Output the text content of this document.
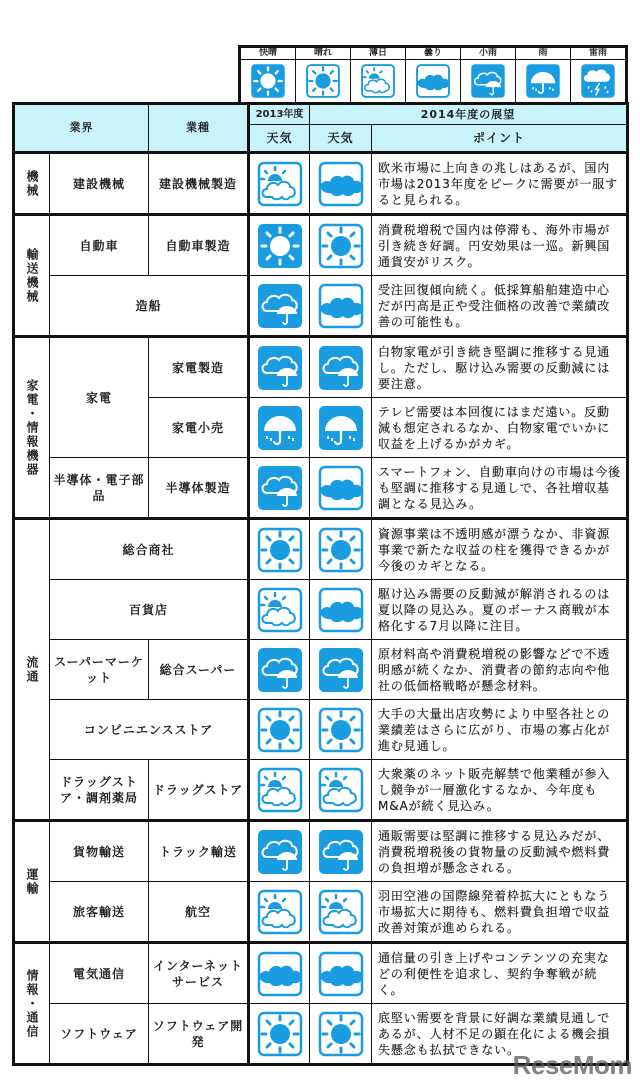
快晴	晴れ	薄日	曇り	小雨	雨	雷雨

業界		業種	2013年度	2014年度の展望	
			天気	天気	ポイント
機械	建設機械	建設機械製造			欧米市場に上向きの兆しはあるが、国内市場は2013年度をピークに需要が一服すると見られる。
輸送機械	自動車	自動車製造			消費税増税で国内は停滞も、海外市場が引き続き好調。円安効果は一巡。新興国通貨安がリスク。
	造船				受注回復傾向続く。低採算船舶建造中心だが円高是正や受注価格の改善で業績改善の可能性も。
家電・情報機器	家電	家電製造			白物家電が引き続き堅調に推移する見通し。ただし、駆け込み需要の反動減には要注意。
		家電小売			テレビ需要は本回復にはまだ遠い。反動減も想定されるなか、白物家電でいかに収益を上げるかがカギ。
	半導体・電子部品	半導体製造			スマートフォン、自動車向けの市場は今後も堅調に推移する見通しで、各社増収基調となる見込み。
流通	総合商社				資源事業は不透明感が漂うなか、非資源事業で新たな収益の柱を獲得できるかが今後のカギとなる。
	百貨店				駆け込み需要の反動減が解消されるのは夏以降の見込み。夏のボーナス商戦が本格化する7月以降に注目。
	スーパーマーケット	総合スーパー			原材料高や消費税増税の影響などで不透明感が続くなか、消費者の節約志向や他社の低価格戦略が懸念材料。
	コンビニエンスストア				大手の大量出店攻勢により中堅各社との業績差はさらに広がり、市場の寡占化が進む見通し。
	ドラッグストア・調剤薬局	ドラッグストア			大衆薬のネット販売解禁で他業種が参入し競争が一層激化するなか、今年度もM&Aが続く見込み。
運輸	貨物輸送	トラック輸送			通販需要は堅調に推移する見込みだが、消費税増税後の貨物量の反動減や燃料費の負担増が懸念される。
	旅客輸送	航空			羽田空港の国際線発着枠拡大にともなう市場拡大に期待も、燃料費負担増で収益改善対策が進められる。
情報・通信	電気通信	インターネットサービス			通信量の引き上げやコンテンツの充実などの利便性を追求し、契約争奪戦が続く。
	ソフトウェア	ソフトウェア開発			底堅い需要を背景に好調な業績見通しであるが、人材不足の顕在化による機会損失懸念も払拭できない。
ReseMom
